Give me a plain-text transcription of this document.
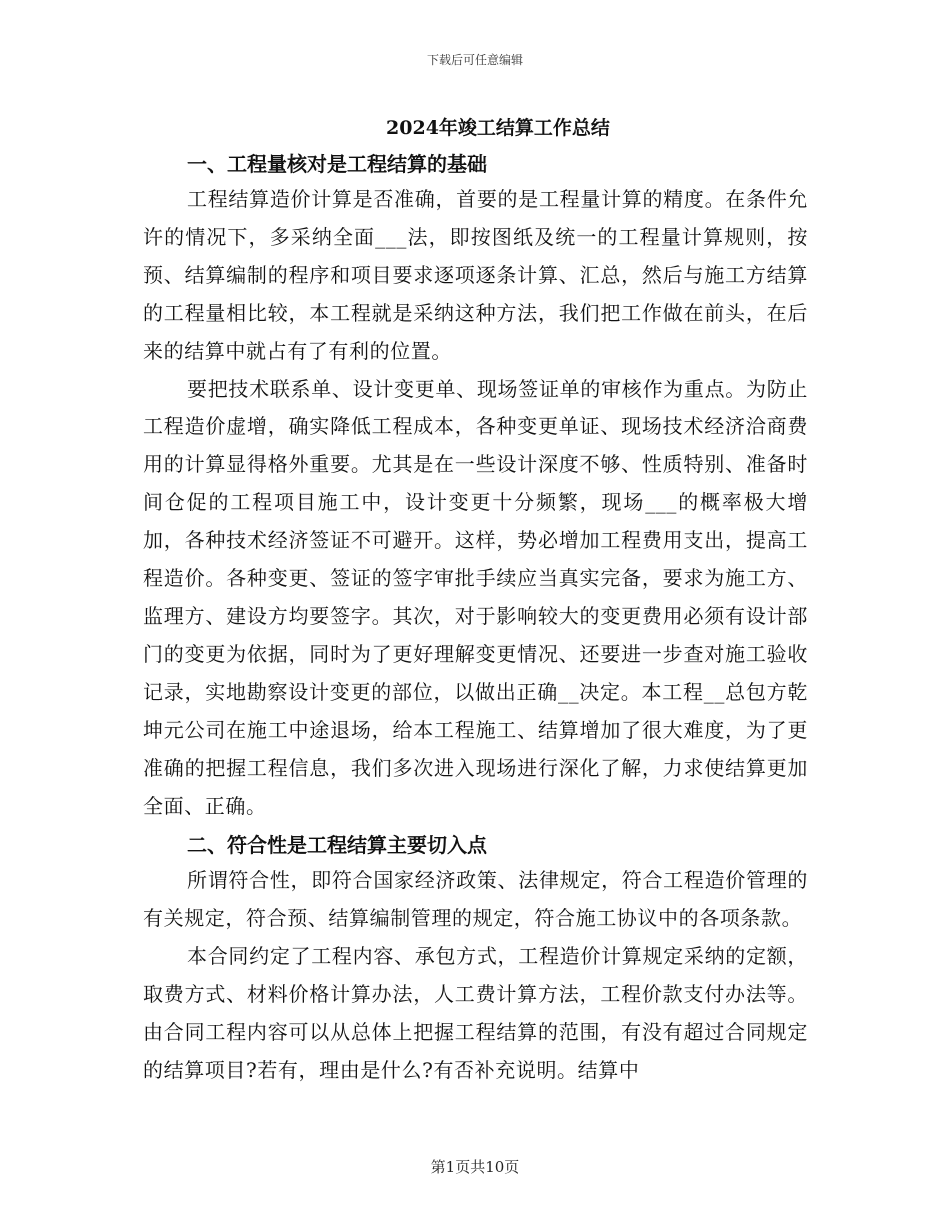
下载后可任意编辑
2024年竣工结算工作总结
一、工程量核对是工程结算的基础

工程结算造价计算是否准确，首要的是工程量计算的精度。在条件允许的情况下，多采纳全面___法，即按图纸及统一的工程量计算规则，按预、结算编制的程序和项目要求逐项逐条计算、汇总，然后与施工方结算的工程量相比较，本工程就是采纳这种方法，我们把工作做在前头，在后来的结算中就占有了有利的位置。

要把技术联系单、设计变更单、现场签证单的审核作为重点。为防止工程造价虚增，确实降低工程成本，各种变更单证、现场技术经济洽商费用的计算显得格外重要。尤其是在一些设计深度不够、性质特别、准备时间仓促的工程项目施工中，设计变更十分频繁，现场___的概率极大增加，各种技术经济签证不可避开。这样，势必增加工程费用支出，提高工程造价。各种变更、签证的签字审批手续应当真实完备，要求为施工方、监理方、建设方均要签字。其次，对于影响较大的变更费用必须有设计部门的变更为依据，同时为了更好理解变更情况、还要进一步查对施工验收记录，实地勘察设计变更的部位，以做出正确__决定。本工程__总包方乾坤元公司在施工中途退场，给本工程施工、结算增加了很大难度，为了更准确的把握工程信息，我们多次进入现场进行深化了解，力求使结算更加全面、正确。

二、符合性是工程结算主要切入点

所谓符合性，即符合国家经济政策、法律规定，符合工程造价管理的有关规定，符合预、结算编制管理的规定，符合施工协议中的各项条款。

本合同约定了工程内容、承包方式，工程造价计算规定采纳的定额，取费方式、材料价格计算办法，人工费计算方法，工程价款支付办法等。由合同工程内容可以从总体上把握工程结算的范围，有没有超过合同规定的结算项目?若有，理由是什么?有否补充说明。结算中

第1页共10页
